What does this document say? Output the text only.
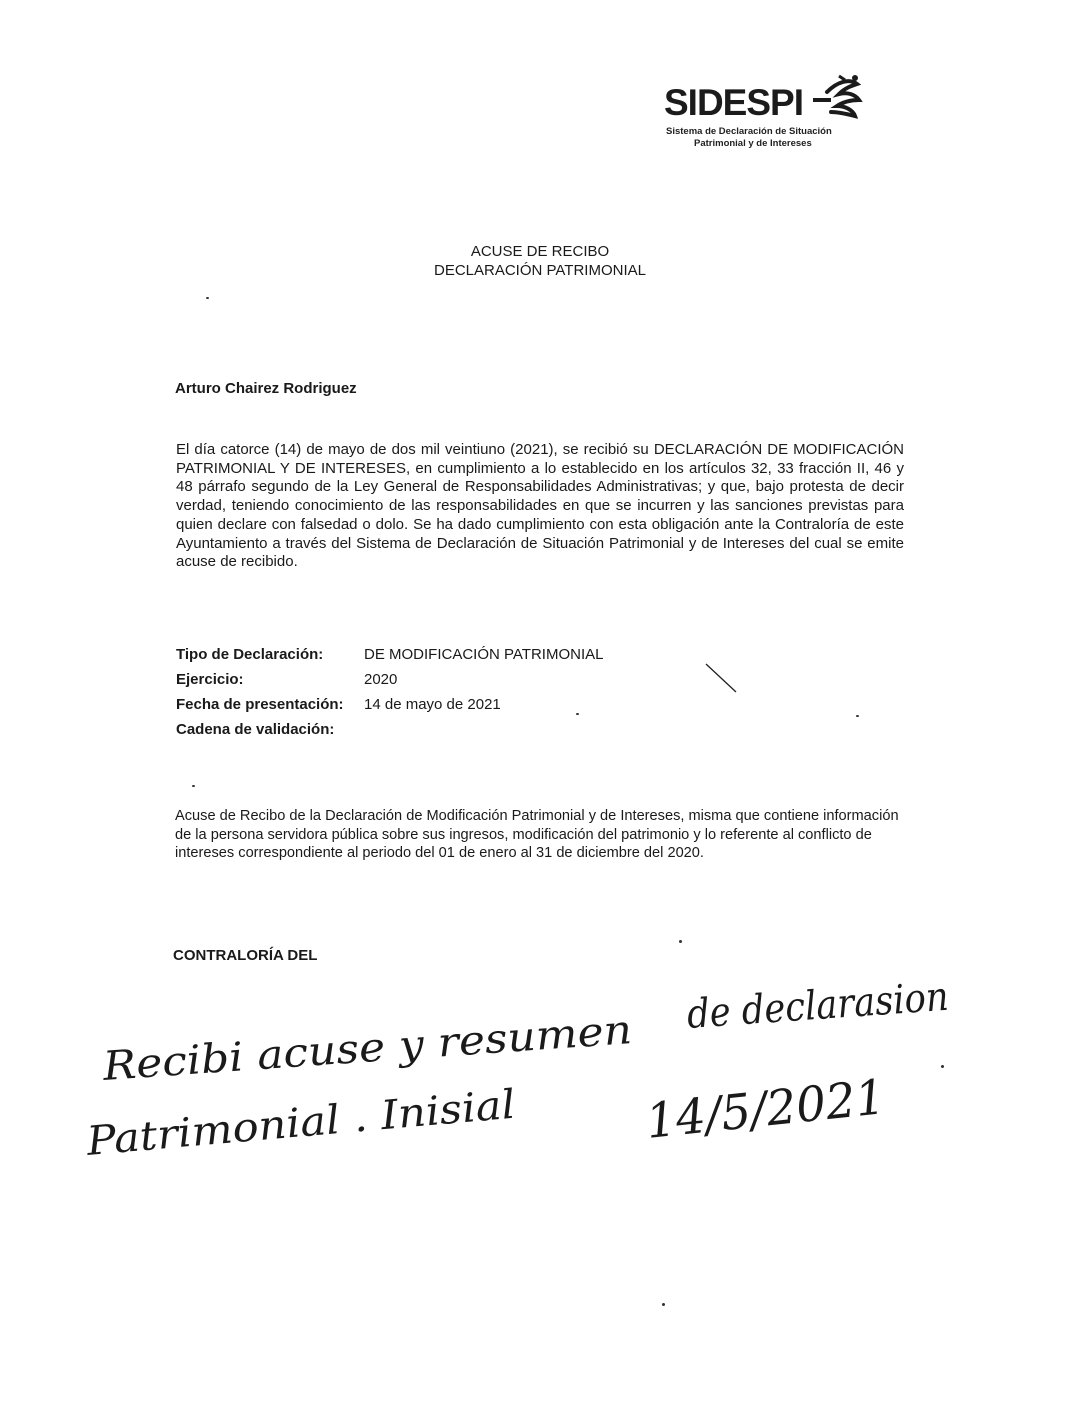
SIDESPI
Sistema de Declaración de Situación
Patrimonial y de Intereses
ACUSE DE RECIBO
DECLARACIÓN PATRIMONIAL
Arturo Chairez Rodriguez

El día catorce (14) de mayo de dos mil veintiuno (2021), se recibió su DECLARACIÓN DE MODIFICACIÓN PATRIMONIAL Y DE INTERESES, en cumplimiento a lo establecido en los artículos 32, 33 fracción II, 46 y 48 párrafo segundo de la Ley General de Responsabilidades Administrativas; y que, bajo protesta de decir verdad, teniendo conocimiento de las responsabilidades en que se incurren y las sanciones previstas para quien declare con falsedad o dolo. Se ha dado cumplimiento con esta obligación ante la Contraloría de este Ayuntamiento a través del Sistema de Declaración de Situación Patrimonial y de Intereses del cual se emite acuse de recibido.

Tipo de Declaración:	DE MODIFICACIÓN PATRIMONIAL
Ejercicio:	2020
Fecha de presentación:	14 de mayo de 2021
Cadena de validación:

Acuse de Recibo de la Declaración de Modificación Patrimonial y de Intereses, misma que contiene información de la persona servidora pública sobre sus ingresos, modificación del patrimonio y lo referente al conflicto de intereses correspondiente al periodo del 01 de enero al 31 de diciembre del 2020.

CONTRALORÍA DEL
Recibi acuse y resumen
de declarasion
Patrimonial . Inisial	14/5/2021
